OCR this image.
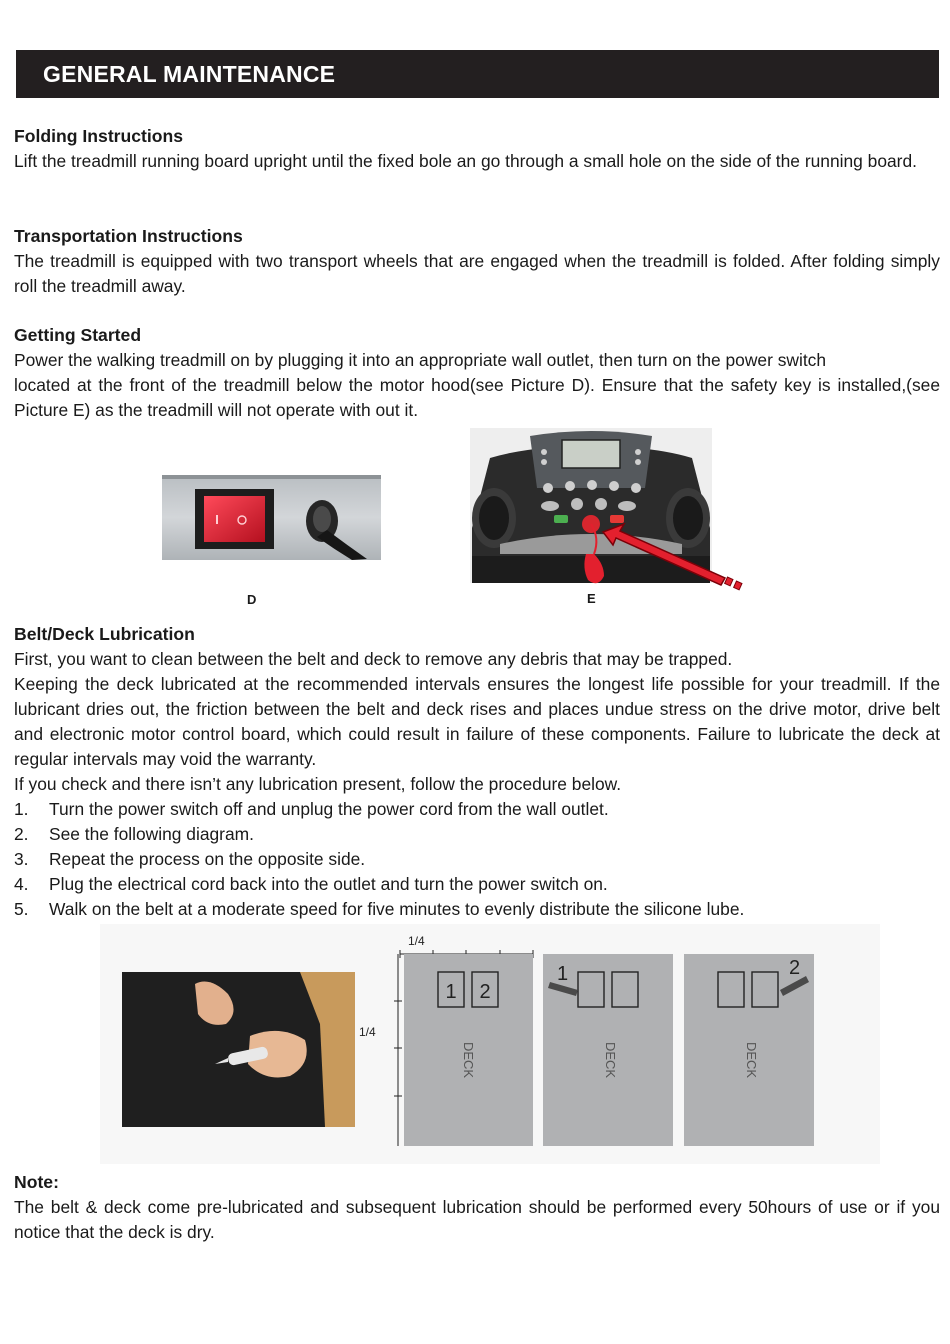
GENERAL MAINTENANCE
Folding Instructions

Lift the treadmill running board upright until the fixed bole an go through a small hole on the side of the running board.

Transportation Instructions

The treadmill is equipped with two transport wheels that are engaged when the treadmill is folded. After folding simply roll the treadmill away.

Getting Started

Power the walking treadmill on by plugging it into an appropriate wall outlet, then turn on the power switch

located at the front of the treadmill below the motor hood(see Picture D). Ensure that the safety key is installed,(see Picture E) as the treadmill will not operate with out it.

D	E
Belt/Deck Lubrication

First, you want to clean between the belt and deck to remove any debris that may be trapped.

Keeping the deck lubricated at the recommended intervals ensures the longest life possible for your treadmill. If the lubricant dries out, the friction between the belt and deck rises and places undue stress on the drive motor, drive belt and electronic motor control board, which could result in failure of these components. Failure to lubricate the deck at regular intervals may void the warranty.

If you check and there isn’t any lubrication present, follow the procedure below.

1.	Turn the power switch off and unplug the power cord from the wall outlet.
2.	See the following diagram.
3.	Repeat the process on the opposite side.
4.	Plug the electrical cord back into the outlet and turn the power switch on.
5.	Walk on the belt at a moderate speed for five minutes to evenly distribute the silicone lube.
1/4
1/4
1 2
DECK
1
DECK
2
DECK
Note:

The belt & deck come pre-lubricated and subsequent lubrication should be performed every 50hours of use or if you notice that the deck is dry.
